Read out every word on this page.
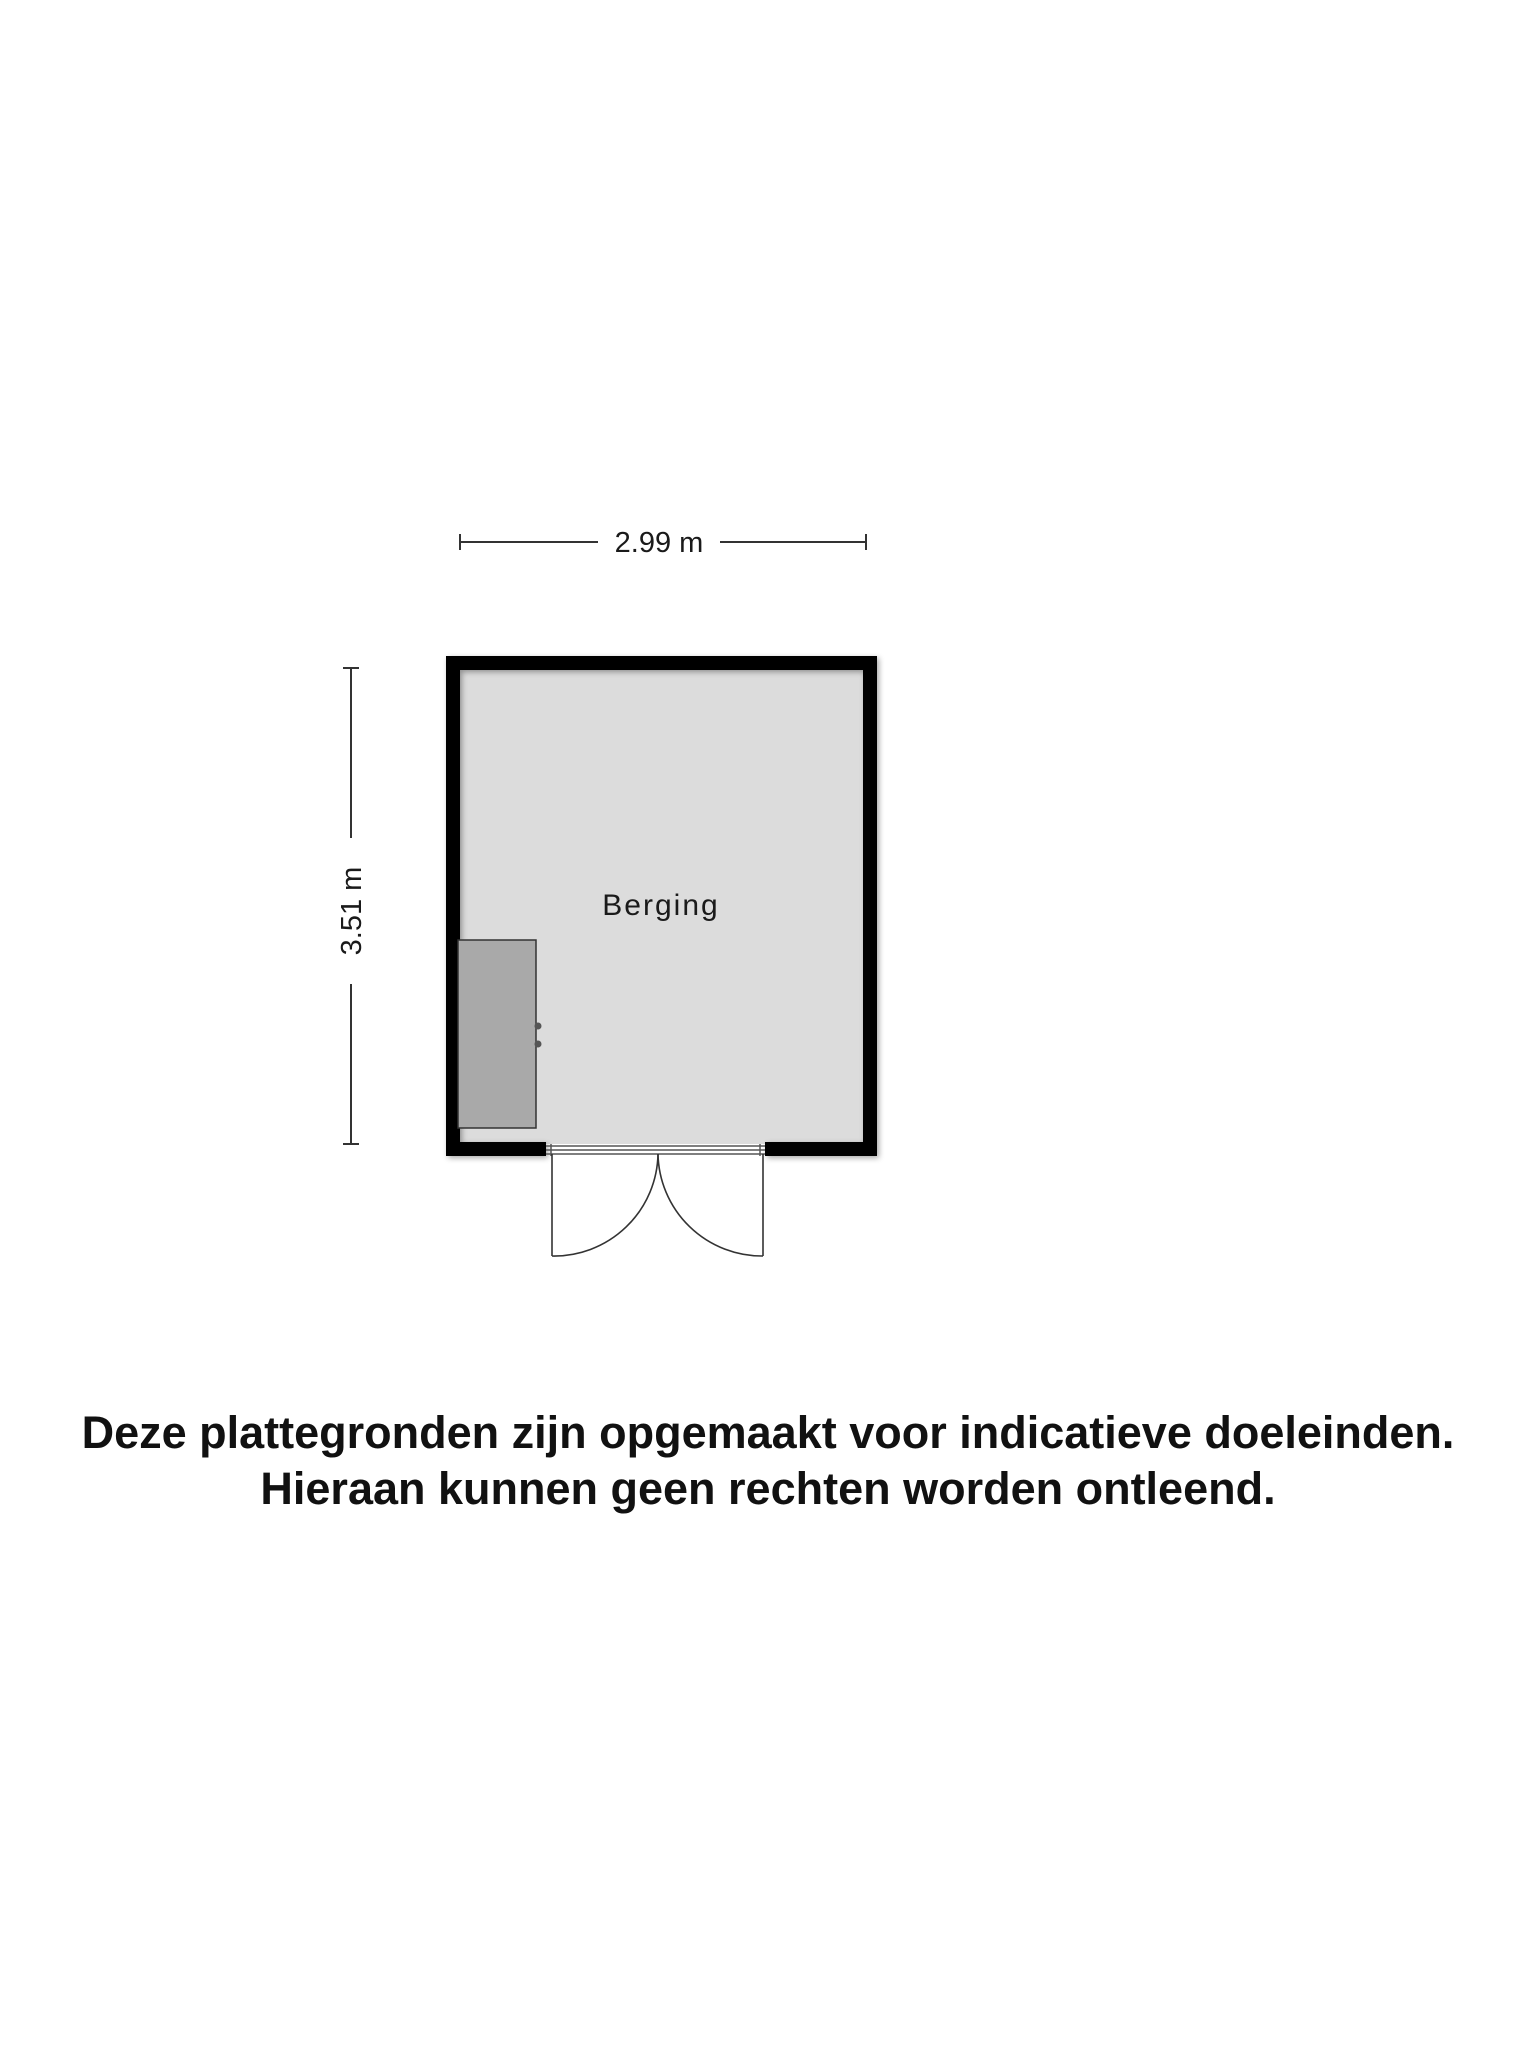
2.99 m
3.51 m	Berging
Deze plattegronden zijn opgemaakt voor indicatieve doeleinden.
Hieraan kunnen geen rechten worden ontleend.
